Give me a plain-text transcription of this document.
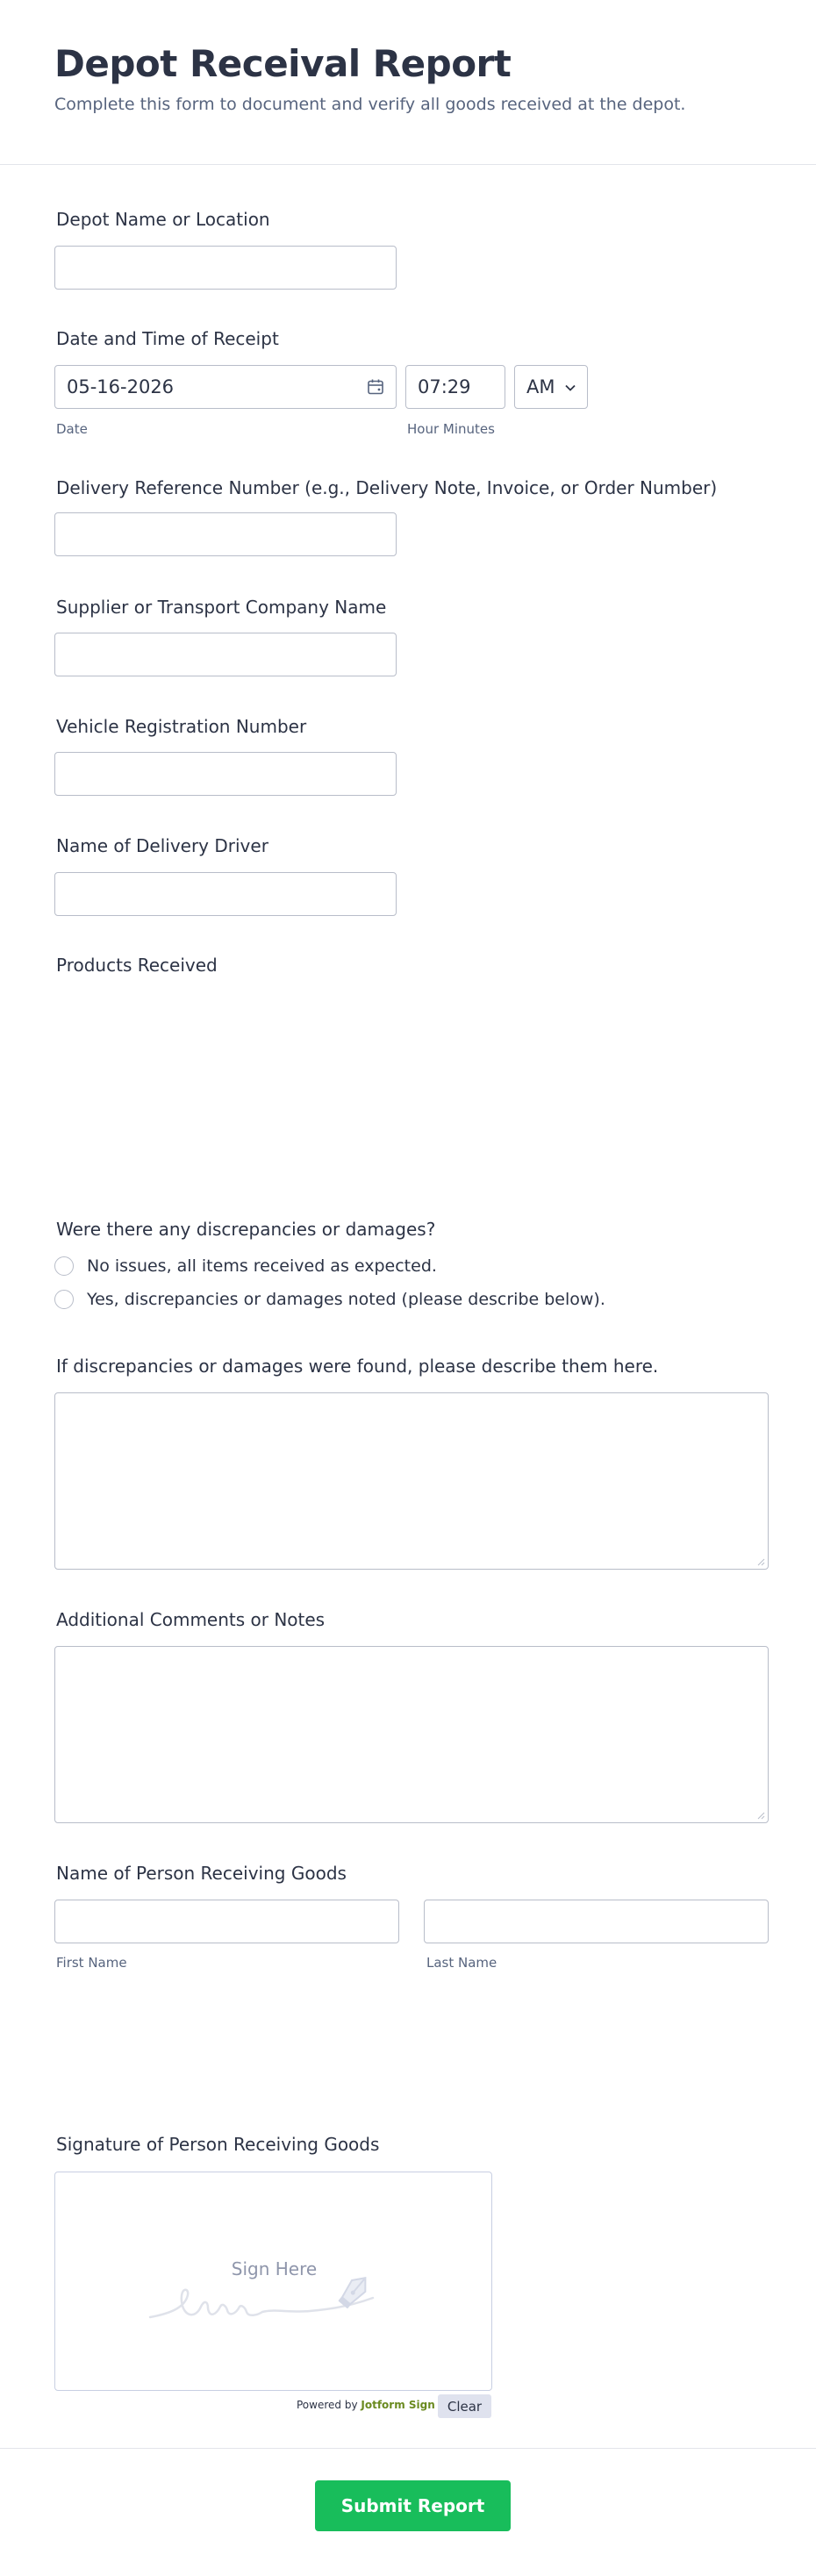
Depot Receival Report
Complete this form to document and verify all goods received at the depot.
Depot Name or Location
Date and Time of Receipt
05-16-2026
Date
07:29
Hour Minutes
AM
Delivery Reference Number (e.g., Delivery Note, Invoice, or Order Number)
Supplier or Transport Company Name
Vehicle Registration Number
Name of Delivery Driver
Products Received
Were there any discrepancies or damages?
No issues, all items received as expected.
Yes, discrepancies or damages noted (please describe below).
If discrepancies or damages were found, please describe them here.
Additional Comments or Notes
Name of Person Receiving Goods
First Name	Last Name
Signature of Person Receiving Goods
Sign Here
Powered by Jotform Sign Clear
Submit Report
